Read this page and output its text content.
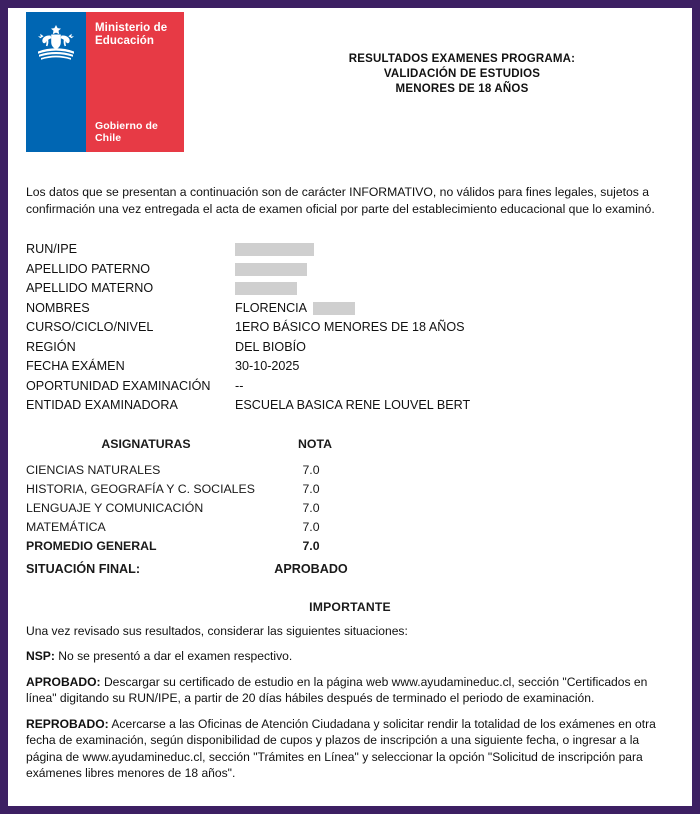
Ministerio de
Educación
Gobierno de Chile
RESULTADOS EXAMENES PROGRAMA:
VALIDACIÓN DE ESTUDIOS
MENORES DE 18 AÑOS
Los datos que se presentan a continuación son de carácter INFORMATIVO, no válidos para fines legales, sujetos a confirmación una vez entregada el acta de examen oficial por parte del establecimiento educacional que lo examinó.
RUN/IPE
APELLIDO PATERNO
APELLIDO MATERNO
NOMBRES	FLORENCIA
CURSO/CICLO/NIVEL	1ERO BÁSICO MENORES DE 18 AÑOS
REGIÓN	DEL BIOBÍO
FECHA EXÁMEN	30-10-2025
OPORTUNIDAD EXAMINACIÓN	--
ENTIDAD EXAMINADORA	ESCUELA BASICA RENE LOUVEL BERT
ASIGNATURAS	NOTA
CIENCIAS NATURALES	7.0
HISTORIA, GEOGRAFÍA Y C. SOCIALES	7.0
LENGUAJE Y COMUNICACIÓN	7.0
MATEMÁTICA	7.0
PROMEDIO GENERAL	7.0
SITUACIÓN FINAL:	APROBADO
IMPORTANTE
Una vez revisado sus resultados, considerar las siguientes situaciones:
NSP: No se presentó a dar el examen respectivo.
APROBADO: Descargar su certificado de estudio en la página web www.ayudamineduc.cl, sección "Certificados en línea" digitando su RUN/IPE, a partir de 20 días hábiles después de terminado el periodo de examinación.
REPROBADO: Acercarse a las Oficinas de Atención Ciudadana y solicitar rendir la totalidad de los exámenes en otra fecha de examinación, según disponibilidad de cupos y plazos de inscripción a una siguiente fecha, o ingresar a la página de www.ayudamineduc.cl, sección "Trámites en Línea" y seleccionar la opción "Solicitud de inscripción para exámenes libres menores de 18 años".
